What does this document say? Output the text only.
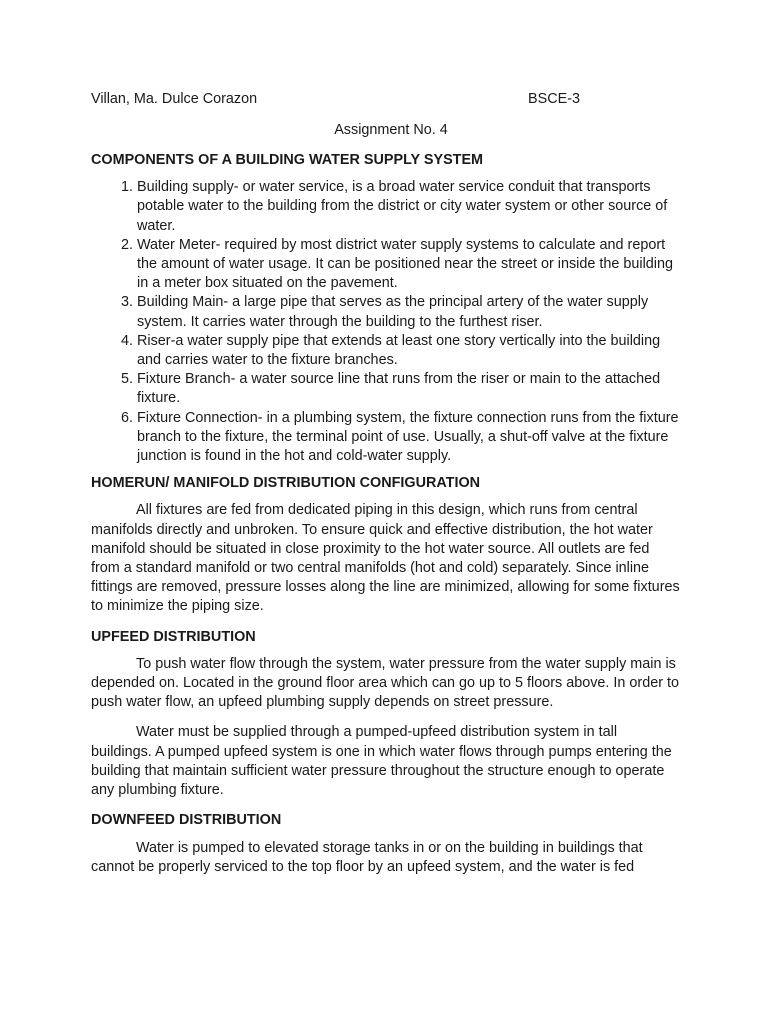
Villan, Ma. Dulce Corazon	BSCE-3
Assignment No. 4
COMPONENTS OF A BUILDING WATER SUPPLY SYSTEM
1. Building supply- or water service, is a broad water service conduit that transports potable water to the building from the district or city water system or other source of water.
2. Water Meter- required by most district water supply systems to calculate and report the amount of water usage. It can be positioned near the street or inside the building in a meter box situated on the pavement.
3. Building Main- a large pipe that serves as the principal artery of the water supply system. It carries water through the building to the furthest riser.
4. Riser-a water supply pipe that extends at least one story vertically into the building and carries water to the fixture branches.
5. Fixture Branch- a water source line that runs from the riser or main to the attached fixture.
6. Fixture Connection- in a plumbing system, the fixture connection runs from the fixture branch to the fixture, the terminal point of use. Usually, a shut-off valve at the fixture junction is found in the hot and cold-water supply.
HOMERUN/ MANIFOLD DISTRIBUTION CONFIGURATION

All fixtures are fed from dedicated piping in this design, which runs from central manifolds directly and unbroken. To ensure quick and effective distribution, the hot water manifold should be situated in close proximity to the hot water source. All outlets are fed from a standard manifold or two central manifolds (hot and cold) separately. Since inline fittings are removed, pressure losses along the line are minimized, allowing for some fixtures to minimize the piping size.

UPFEED DISTRIBUTION

To push water flow through the system, water pressure from the water supply main is depended on. Located in the ground floor area which can go up to 5 floors above. In order to push water flow, an upfeed plumbing supply depends on street pressure.

Water must be supplied through a pumped-upfeed distribution system in tall buildings. A pumped upfeed system is one in which water flows through pumps entering the building that maintain sufficient water pressure throughout the structure enough to operate any plumbing fixture.

DOWNFEED DISTRIBUTION

Water is pumped to elevated storage tanks in or on the building in buildings that cannot be properly serviced to the top floor by an upfeed system, and the water is fed
